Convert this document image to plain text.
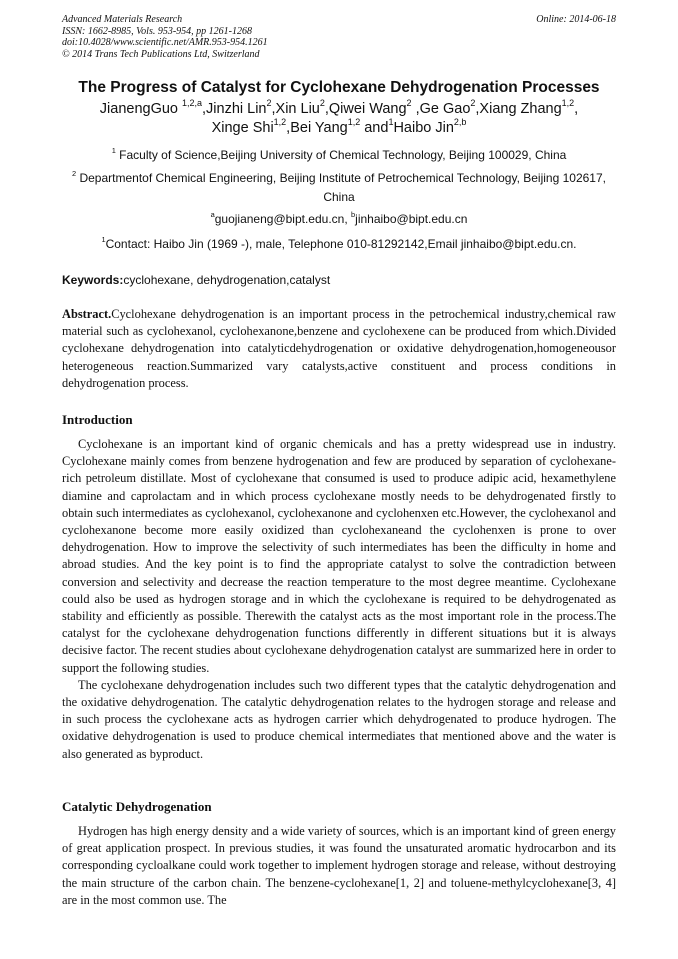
Advanced Materials Research
ISSN: 1662-8985, Vols. 953-954, pp 1261-1268
doi:10.4028/www.scientific.net/AMR.953-954.1261
© 2014 Trans Tech Publications Ltd, Switzerland
Online: 2014-06-18
The Progress of Catalyst for Cyclohexane Dehydrogenation Processes
JianengGuo $^{1,2,a}$,Jinzhi Lin$^2$,Xin Liu$^2$,Qiwei Wang$^2$ ,Ge Gao$^2$,Xiang Zhang$^{1,2}$,
Xinge Shi$^{1,2}$,Bei Yang$^{1,2}$ and$^1$Haibo Jin$^{2,b}$
$^1$ Faculty of Science,Beijing University of Chemical Technology, Beijing 100029, China
$^2$ Departmentof Chemical Engineering, Beijing Institute of Petrochemical Technology, Beijing 102617, China
$^a$guojianeng@bipt.edu.cn, $^b$jinhaibo@bipt.edu.cn
$^1$Contact: Haibo Jin (1969 -), male, Telephone 010-81292142,Email jinhaibo@bipt.edu.cn.
Keywords:cyclohexane, dehydrogenation,catalyst
Abstract.Cyclohexane dehydrogenation is an important process in the petrochemical industry,chemical raw material such as cyclohexanol, cyclohexanone,benzene and cyclohexene can be produced from which.Divided cyclohexane dehydrogenation into catalyticdehydrogenation or oxidative dehydrogenation,homogeneousor heterogeneous reaction.Summarized vary catalysts,active constituent and process conditions in dehydrogenation process.
Introduction

Cyclohexane is an important kind of organic chemicals and has a pretty widespread use in industry. Cyclohexane mainly comes from benzene hydrogenation and few are produced by separation of cyclohexane-rich petroleum distillate. Most of cyclohexane that consumed is used to produce adipic acid, hexamethylene diamine and caprolactam and in which process cyclohexane mostly needs to be dehydrogenated firstly to obtain such intermediates as cyclohexanol, cyclohexanone and cyclohenxen etc.However, the cyclohexanol and cyclohexanone become more easily oxidized than cyclohexaneand the cyclohenxen is prone to over dehydrogenation. How to improve the selectivity of such intermediates has been the difficulty in home and abroad studies. And the key point is to find the appropriate catalyst to solve the contradiction between conversion and selectivity and decrease the reaction temperature to the most degree meantime. Cyclohexane could also be used as hydrogen storage and in which the cyclohexane is required to be dehydrogenated as stability and efficiently as possible. Therewith the catalyst acts as the most important role in the process.The catalyst for the cyclohexane dehydrogenation functions differently in different situations but it is always decisive factor. The recent studies about cyclohexane dehydrogenation catalyst are summarized here in order to support the following studies.

The cyclohexane dehydrogenation includes such two different types that the catalytic dehydrogenation and the oxidative dehydrogenation. The catalytic dehydrogenation relates to the hydrogen storage and release and in such process the cyclohexane acts as hydrogen carrier which dehydrogenated to produce hydrogen. The oxidative dehydrogenation is used to produce chemical intermediates that mentioned above and the water is also generated as byproduct.

Catalytic Dehydrogenation

Hydrogen has high energy density and a wide variety of sources, which is an important kind of green energy of great application prospect. In previous studies, it was found the unsaturated aromatic hydrocarbon and its corresponding cycloalkane could work together to implement hydrogen storage and release, without destroying the main structure of the carbon chain. The benzene-cyclohexane[1, 2] and toluene-methylcyclohexane[3, 4] are in the most common use. The
